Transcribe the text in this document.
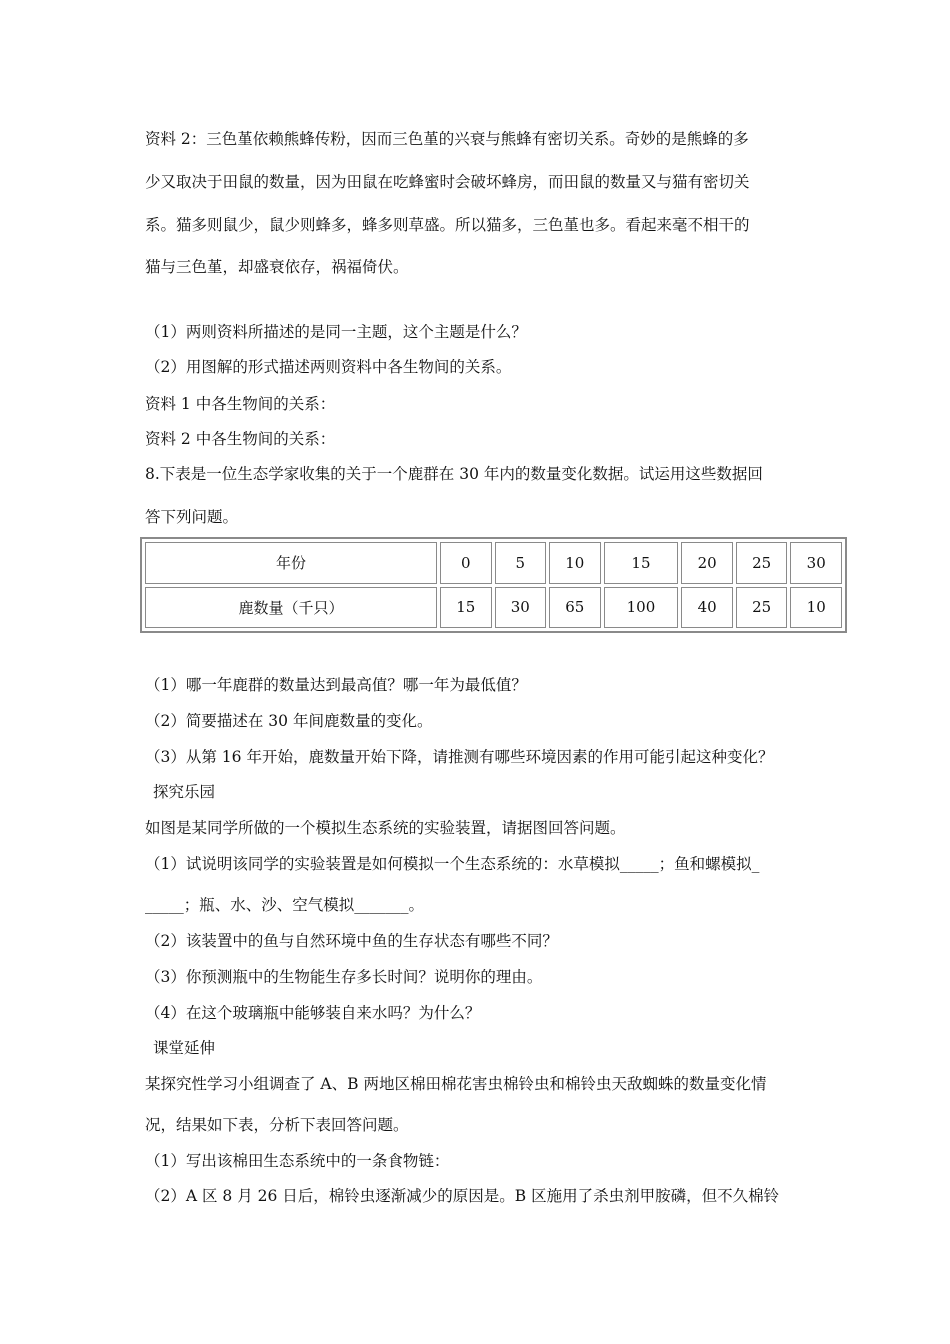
资料 2：三色堇依赖熊蜂传粉，因而三色堇的兴衰与熊蜂有密切关系。奇妙的是熊蜂的多
少又取决于田鼠的数量，因为田鼠在吃蜂蜜时会破坏蜂房，而田鼠的数量又与猫有密切关
系。猫多则鼠少，鼠少则蜂多，蜂多则草盛。所以猫多，三色堇也多。看起来毫不相干的
猫与三色堇，却盛衰依存，祸福倚伏。
（1）两则资料所描述的是同一主题，这个主题是什么？
（2）用图解的形式描述两则资料中各生物间的关系。
资料 1 中各生物间的关系：
资料 2 中各生物间的关系：
8.下表是一位生态学家收集的关于一个鹿群在 30 年内的数量变化数据。试运用这些数据回
答下列问题。
年份	0	5	10	15	20	25	30
鹿数量（千只）	15	30	65	100	40	25	10
（1）哪一年鹿群的数量达到最高值？哪一年为最低值？
（2）简要描述在 30 年间鹿数量的变化。
（3）从第 16 年开始，鹿数量开始下降，请推测有哪些环境因素的作用可能引起这种变化？
探究乐园
如图是某同学所做的一个模拟生态系统的实验装置，请据图回答问题。
（1）试说明该同学的实验装置是如何模拟一个生态系统的：水草模拟_____；鱼和螺模拟_
_____；瓶、水、沙、空气模拟_______。
（2）该装置中的鱼与自然环境中鱼的生存状态有哪些不同？
（3）你预测瓶中的生物能生存多长时间？说明你的理由。
（4）在这个玻璃瓶中能够装自来水吗？为什么？
课堂延伸
某探究性学习小组调查了 A、B 两地区棉田棉花害虫棉铃虫和棉铃虫天敌蜘蛛的数量变化情
况，结果如下表，分析下表回答问题。
（1）写出该棉田生态系统中的一条食物链：
（2）A 区 8 月 26 日后，棉铃虫逐渐减少的原因是。B 区施用了杀虫剂甲胺磷，但不久棉铃
